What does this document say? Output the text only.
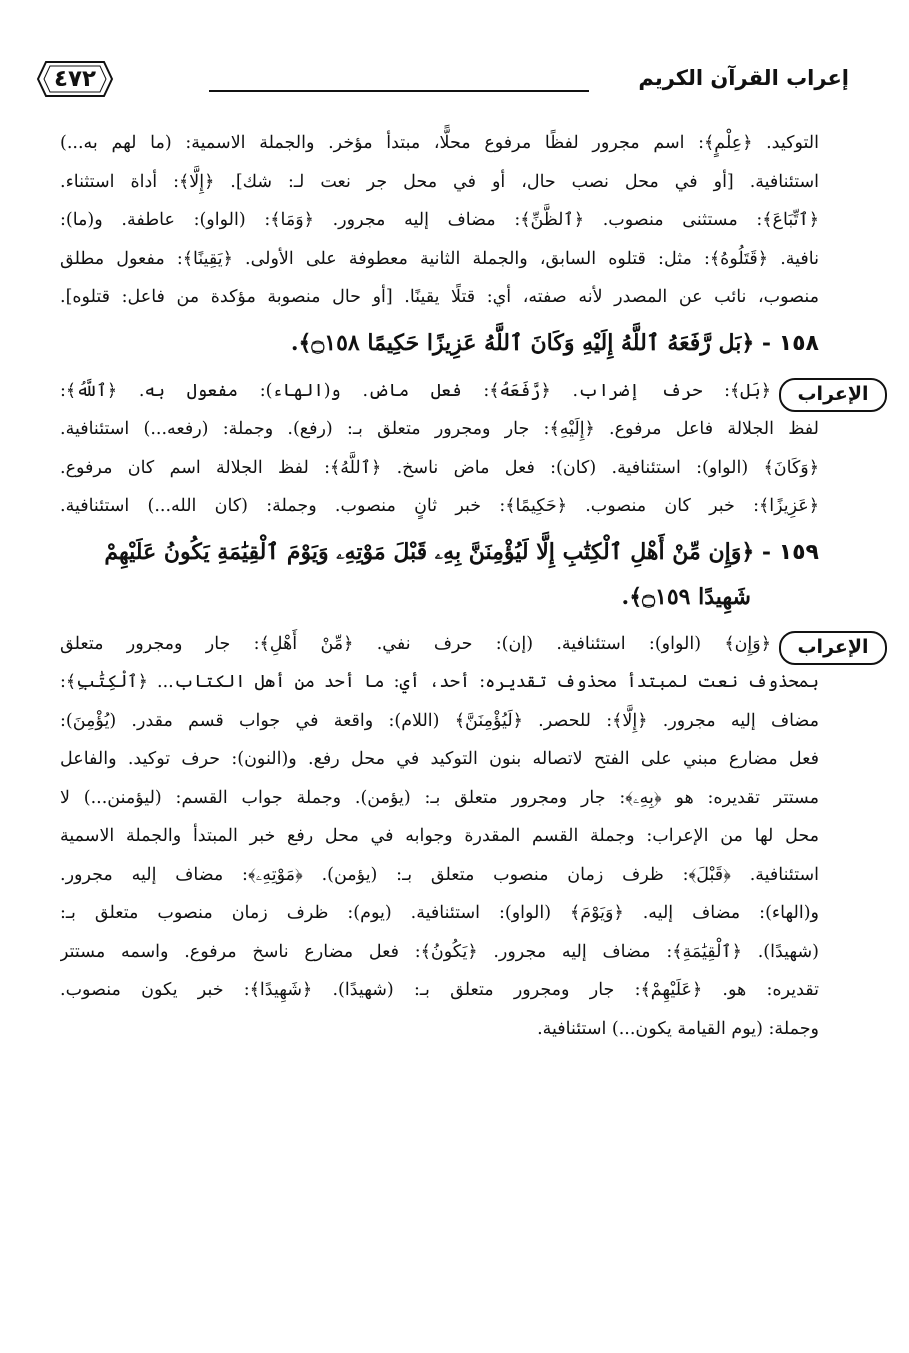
إعراب القرآن الكريم
٤٧٢
التوكيد. ﴿عِلْمٍ﴾: اسم مجرور لفظًا مرفوع محلًّا، مبتدأ مؤخر. والجملة الاسمية: (ما لهم به...)
استئنافية. [أو في محل نصب حال، أو في محل جر نعت لـ: شك]. ﴿إِلَّا﴾: أداة استثناء.
﴿ٱتِّبَاعَ﴾: مستثنى منصوب. ﴿ٱلظَّنِّ﴾: مضاف إليه مجرور. ﴿وَمَا﴾: (الواو): عاطفة. و(ما):
نافية. ﴿قَتَلُوهُ﴾: مثل: قتلوه السابق، والجملة الثانية معطوفة على الأولى. ﴿يَقِينًا﴾: مفعول مطلق
منصوب، نائب عن المصدر لأنه صفته، أي: قتلًا يقينًا. [أو حال منصوبة مؤكدة من فاعل: قتلوه].
١٥٨ - ﴿بَل رَّفَعَهُ ٱللَّهُ إِلَيْهِ وَكَانَ ٱللَّهُ عَزِيزًا حَكِيمًا ۝١٥٨﴾.
الإعراب
﴿بَل﴾: حرف إضراب. ﴿رَّفَعَهُ﴾: فعل ماض. و(الهاء): مفعول به. ﴿ٱللَّهُ﴾:
لفظ الجلالة فاعل مرفوع. ﴿إِلَيْهِ﴾: جار ومجرور متعلق بـ: (رفع). وجملة: (رفعه...) استئنافية.
﴿وَكَانَ﴾ (الواو): استئنافية. (كان): فعل ماض ناسخ. ﴿ٱللَّهُ﴾: لفظ الجلالة اسم كان مرفوع.
﴿عَزِيزًا﴾: خبر كان منصوب. ﴿حَكِيمًا﴾: خبر ثانٍ منصوب. وجملة: (كان الله...) استئنافية.
١٥٩ - ﴿وَإِن مِّنْ أَهْلِ ٱلْكِتَٰبِ إِلَّا لَيُؤْمِنَنَّ بِهِۦ قَبْلَ مَوْتِهِۦ وَيَوْمَ ٱلْقِيَٰمَةِ يَكُونُ عَلَيْهِمْ
شَهِيدًا ۝١٥٩﴾.
الإعراب
﴿وَإِن﴾ (الواو): استئنافية. (إن): حرف نفي. ﴿مِّنْ أَهْلِ﴾: جار ومجرور متعلق
بمحذوف نعت لمبتدأ محذوف تقديره: أحد، أي: ما أحد من أهل الكتاب... ﴿ٱلْكِتَٰبِ﴾:
مضاف إليه مجرور. ﴿إِلَّا﴾: للحصر. ﴿لَيُؤْمِنَنَّ﴾ (اللام): واقعة في جواب قسم مقدر. (يُؤْمِنَ):
فعل مضارع مبني على الفتح لاتصاله بنون التوكيد في محل رفع. و(النون): حرف توكيد. والفاعل
مستتر تقديره: هو ﴿بِهِۦ﴾: جار ومجرور متعلق بـ: (يؤمن). وجملة جواب القسم: (ليؤمنن...) لا
محل لها من الإعراب: وجملة القسم المقدرة وجوابه في محل رفع خبر المبتدأ والجملة الاسمية
استئنافية. ﴿قَبْلَ﴾: ظرف زمان منصوب متعلق بـ: (يؤمن). ﴿مَوْتِهِۦ﴾: مضاف إليه مجرور.
و(الهاء): مضاف إليه. ﴿وَيَوْمَ﴾ (الواو): استئنافية. (يوم): ظرف زمان منصوب متعلق بـ:
(شهيدًا). ﴿ٱلْقِيَٰمَةِ﴾: مضاف إليه مجرور. ﴿يَكُونُ﴾: فعل مضارع ناسخ مرفوع. واسمه مستتر
تقديره: هو. ﴿عَلَيْهِمْ﴾: جار ومجرور متعلق بـ: (شهيدًا). ﴿شَهِيدًا﴾: خبر يكون منصوب.
وجملة: (يوم القيامة يكون...) استئنافية.
